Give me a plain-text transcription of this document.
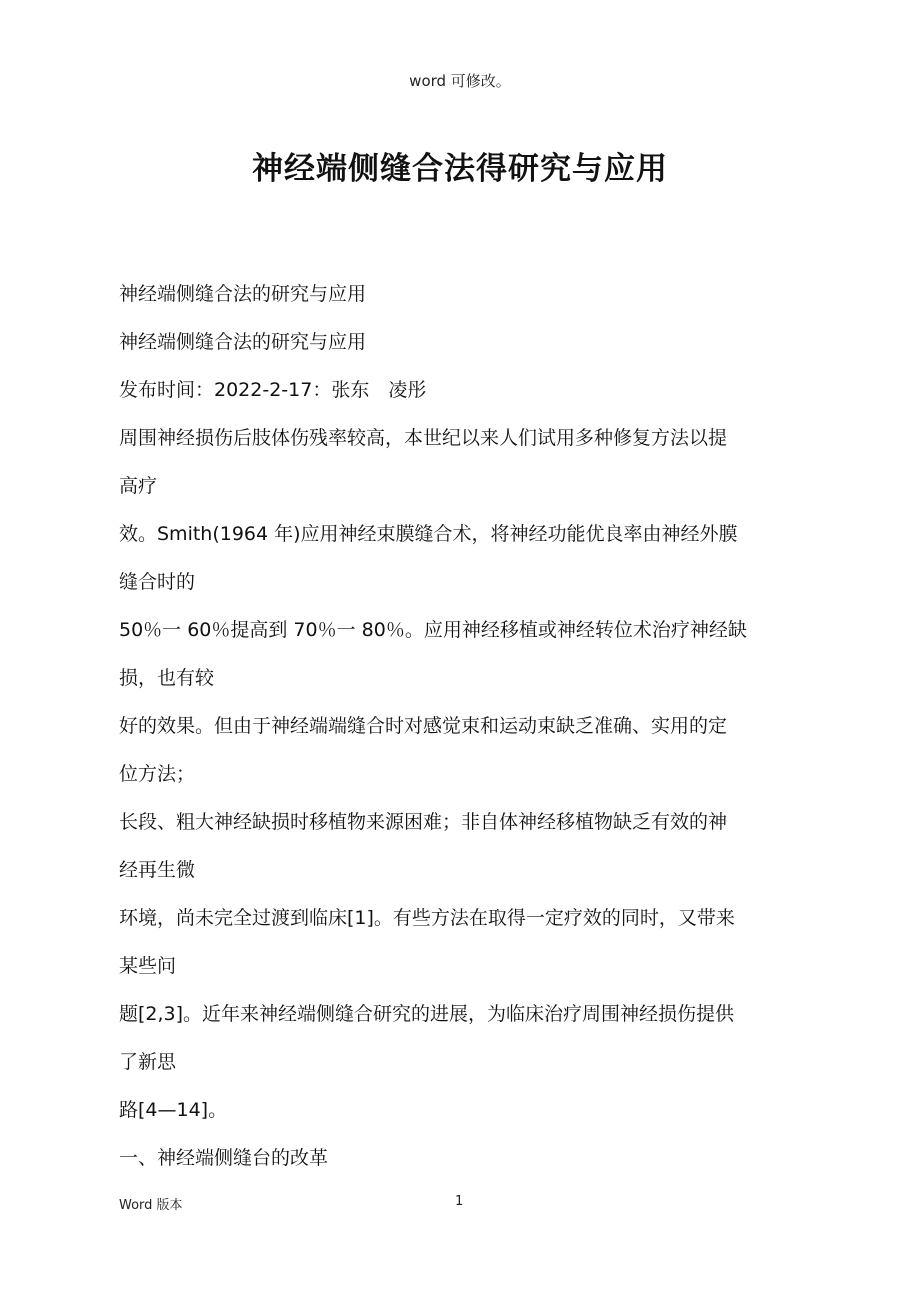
word 可修改。
神经端侧缝合法得研究与应用
神经端侧缝合法的研究与应用
神经端侧缝合法的研究与应用
发布时间：2022-2-17：张东　凌彤
周围神经损伤后肢体伤残率较高，本世纪以来人们试用多种修复方法以提
高疗
效。Smith(1964 年)应用神经束膜缝合术，将神经功能优良率由神经外膜
缝合时的
50％一 60％提高到 70％一 80％。应用神经移植或神经转位术治疗神经缺
损，也有较
好的效果。但由于神经端端缝合时对感觉束和运动束缺乏准确、实用的定
位方法；
长段、粗大神经缺损时移植物来源困难；非自体神经移植物缺乏有效的神
经再生微
环境，尚未完全过渡到临床[1]。有些方法在取得一定疗效的同时，又带来
某些问
题[2,3]。近年来神经端侧缝合研究的进展，为临床治疗周围神经损伤提供
了新思
路[4—14]。
一、神经端侧缝台的改革
Word 版本	1
